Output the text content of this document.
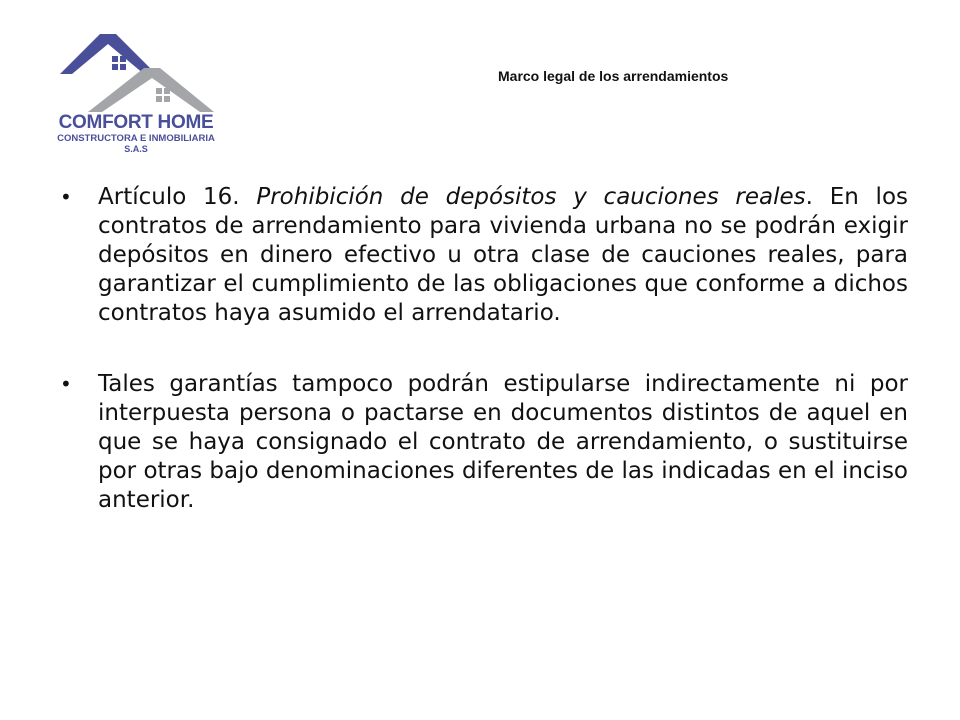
COMFORT HOME
CONSTRUCTORA E INMOBILIARIA
S.A.S
Marco legal de los arrendamientos
• Artículo 16. Prohibición de depósitos y cauciones reales. En los contratos de arrendamiento para vivienda urbana no se podrán exigir depósitos en dinero efectivo u otra clase de cauciones reales, para garantizar el cumplimiento de las obligaciones que conforme a dichos contratos haya asumido el arrendatario.
• Tales garantías tampoco podrán estipularse indirectamente ni por interpuesta persona o pactarse en documentos distintos de aquel en que se haya consignado el contrato de arrendamiento, o sustituirse por otras bajo denominaciones diferentes de las indicadas en el inciso anterior.
